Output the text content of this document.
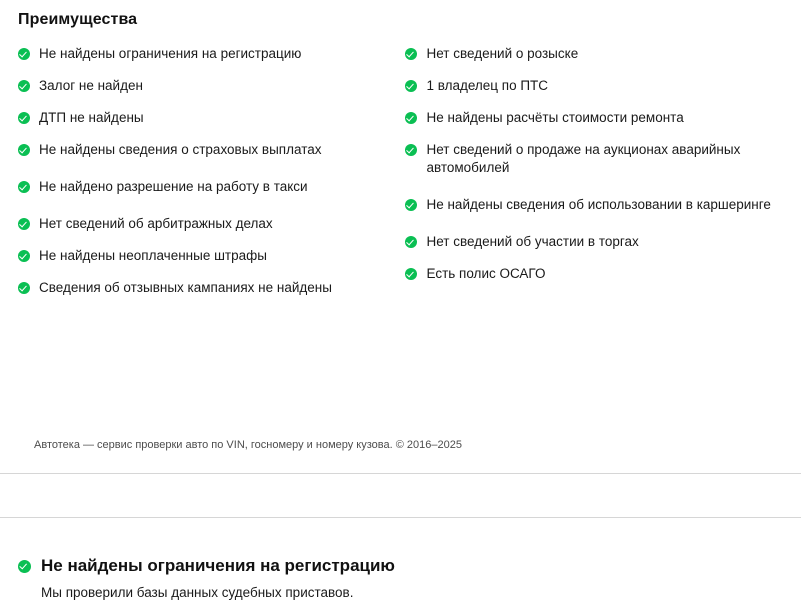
Преимущества
Не найдены ограничения на регистрацию
Залог не найден
ДТП не найдены
Не найдены сведения о страховых выплатах
Не найдено разрешение на работу в такси
Нет сведений об арбитражных делах
Не найдены неоплаченные штрафы
Сведения об отзывных кампаниях не найдены
Нет сведений о розыске
1 владелец по ПТС
Не найдены расчёты стоимости ремонта
Нет сведений о продаже на аукционах аварийных автомобилей
Не найдены сведения об использовании в каршеринге
Нет сведений об участии в торгах
Есть полис ОСАГО
Автотека — сервис проверки авто по VIN, госномеру и номеру кузова. © 2016–2025
Не найдены ограничения на регистрацию
Мы проверили базы данных судебных приставов.
